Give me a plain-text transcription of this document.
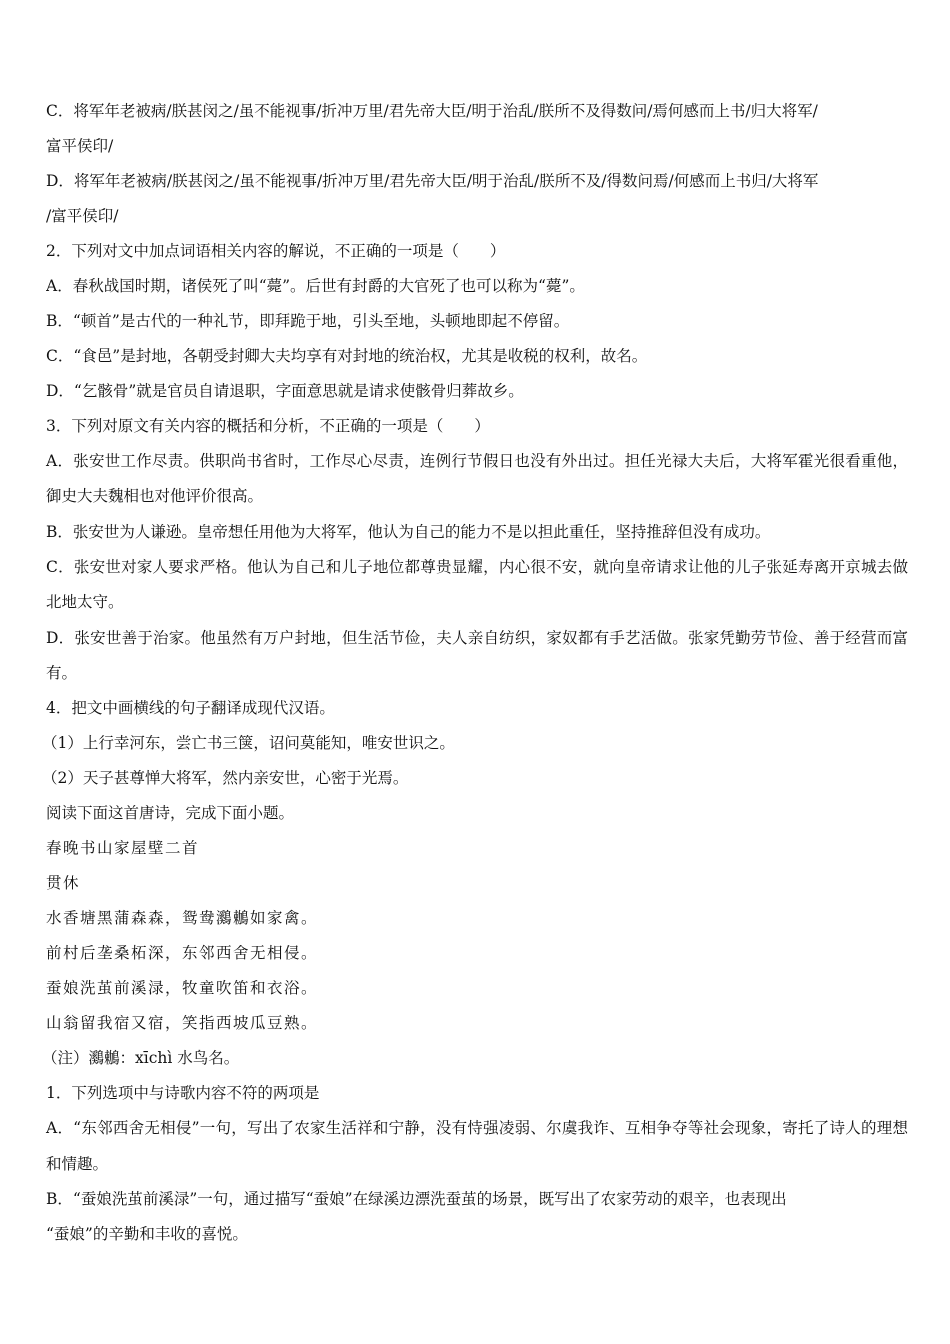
C．将军年老被病/朕甚闵之/虽不能视事/折冲万里/君先帝大臣/明于治乱/朕所不及得数问/焉何感而上书/归大将军/
富平侯印/
D．将军年老被病/朕甚闵之/虽不能视事/折冲万里/君先帝大臣/明于治乱/朕所不及/得数问焉/何感而上书归/大将军
/富平侯印/
2．下列对文中加点词语相关内容的解说，不正确的一项是（　　）
A．春秋战国时期，诸侯死了叫“薨”。后世有封爵的大官死了也可以称为“薨”。
B．“顿首”是古代的一种礼节，即拜跪于地，引头至地，头顿地即起不停留。
C．“食邑”是封地，各朝受封卿大夫均享有对封地的统治权，尤其是收税的权利，故名。
D．“乞骸骨”就是官员自请退职，字面意思就是请求使骸骨归葬故乡。
3．下列对原文有关内容的概括和分析，不正确的一项是（　　）
A．张安世工作尽责。供职尚书省时，工作尽心尽责，连例行节假日也没有外出过。担任光禄大夫后，大将军霍光很看重他，御史大夫魏相也对他评价很高。
B．张安世为人谦逊。皇帝想任用他为大将军，他认为自己的能力不是以担此重任，坚持推辞但没有成功。
C．张安世对家人要求严格。他认为自己和儿子地位都尊贵显耀，内心很不安，就向皇帝请求让他的儿子张延寿离开京城去做北地太守。
D．张安世善于治家。他虽然有万户封地，但生活节俭，夫人亲自纺织，家奴都有手艺活做。张家凭勤劳节俭、善于经营而富有。
4．把文中画横线的句子翻译成现代汉语。
（1）上行幸河东，尝亡书三箧，诏问莫能知，唯安世识之。
（2）天子甚尊惮大将军，然内亲安世，心密于光焉。
阅读下面这首唐诗，完成下面小题。
春晚书山家屋壁二首
贯休
水香塘黑蒲森森，鸳鸯鸂鶒如家禽。
前村后垄桑柘深，东邻西舍无相侵。
蚕娘洗茧前溪渌，牧童吹笛和衣浴。
山翁留我宿又宿，笑指西坡瓜豆熟。
（注）鸂鶒：xīchì 水鸟名。
1．下列选项中与诗歌内容不符的两项是
A．“东邻西舍无相侵”一句，写出了农家生活祥和宁静，没有恃强凌弱、尔虞我诈、互相争夺等社会现象，寄托了诗人的理想和情趣。
B．“蚕娘洗茧前溪渌”一句，通过描写“蚕娘”在绿溪边漂洗蚕茧的场景，既写出了农家劳动的艰辛，也表现出
“蚕娘”的辛勤和丰收的喜悦。
